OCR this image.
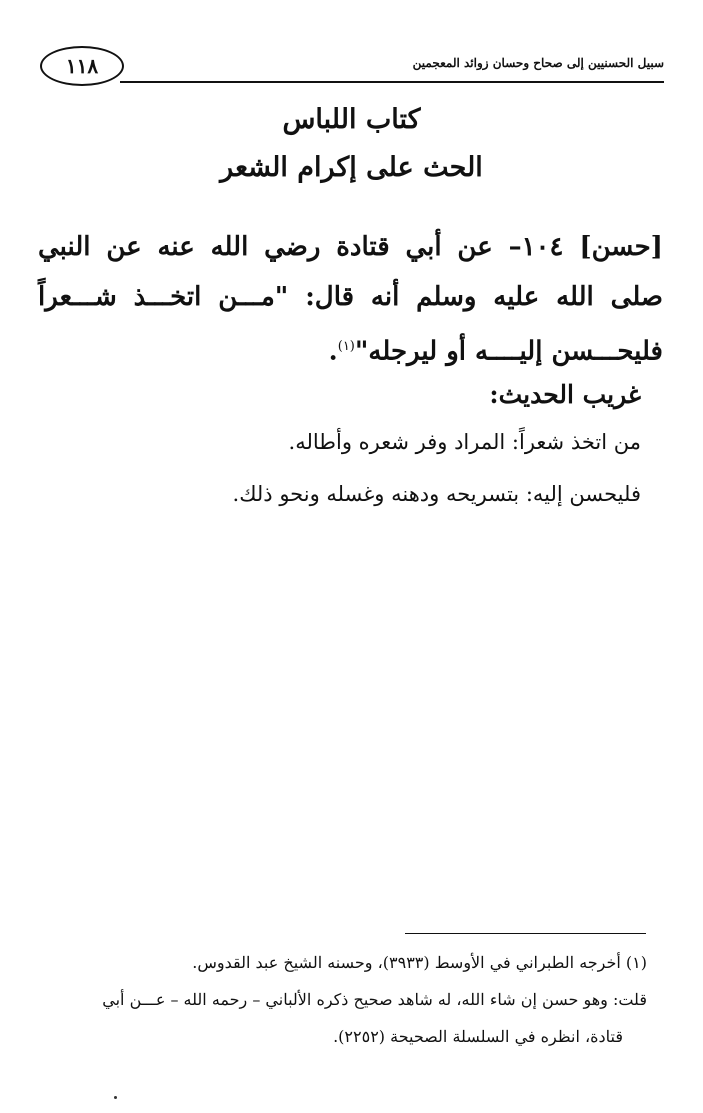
١١٨	سبيل الحسنيين إلى صحاح وحسان زوائد المعجمين
كتاب اللباس
الحث على إكرام الشعر
[حسن] ١٠٤– عن أبي قتادة رضي الله عنه عن النبي صلى الله عليه وسلم أنه قال: "مـــن اتخـــذ شـــعراً فليحـــسن إليــــه أو ليرجله"$^{(١)}$.
غريب الحديث:
من اتخذ شعراً: المراد وفر شعره وأطاله.
فليحسن إليه: بتسريحه ودهنه وغسله ونحو ذلك.
(١) أخرجه الطبراني في الأوسط (٣٩٣٣)، وحسنه الشيخ عبد القدوس.
قلت: وهو حسن إن شاء الله، له شاهد صحيح ذكره الألباني – رحمه الله – عـــن أبي
قتادة، انظره في السلسلة الصحيحة (٢٢٥٢).
